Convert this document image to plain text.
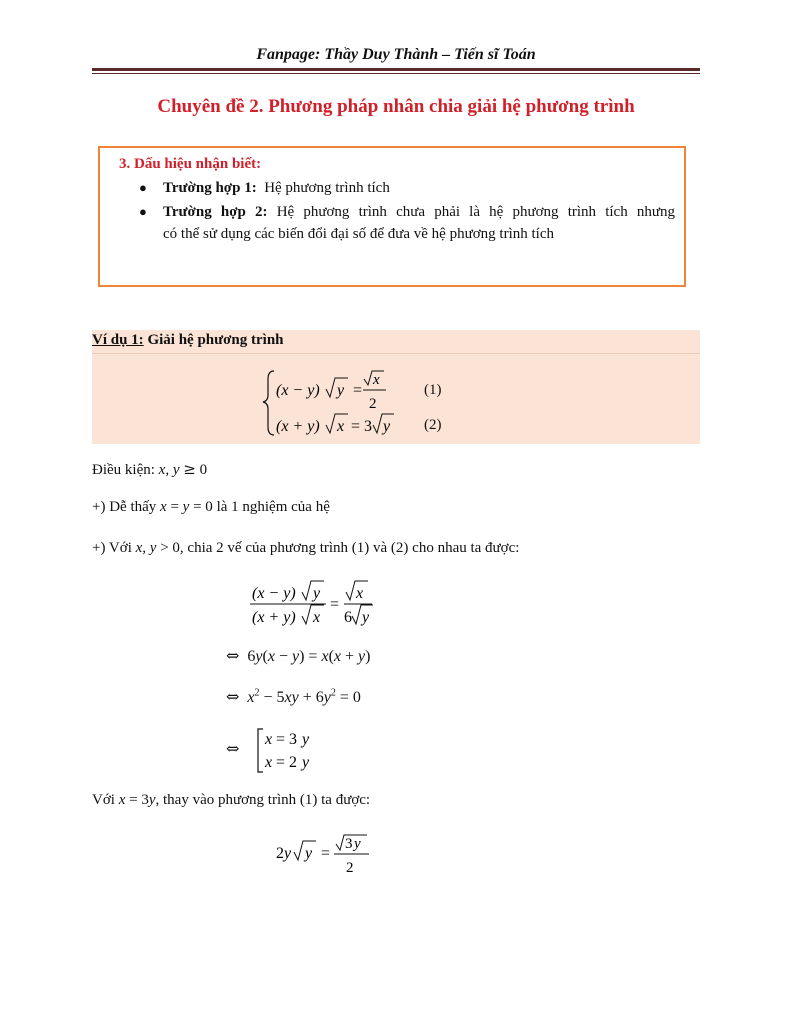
Fanpage: Thầy Duy Thành – Tiến sĩ Toán
Chuyên đề 2. Phương pháp nhân chia giải hệ phương trình
3. Dấu hiệu nhận biết:
● Trường hợp 1: Hệ phương trình tích
● Trường hợp 2: Hệ phương trình chưa phải là hệ phương trình tích nhưng
có thể sử dụng các biến đổi đại số để đưa về hệ phương trình tích
Ví dụ 1: Giải hệ phương trình
(x − y) y =
x
2
(x + y) x = 3 y
(1)
(2)
Điều kiện: x, y ≥ 0
+) Dễ thấy x = y = 0 là 1 nghiệm của hệ
+) Với x, y > 0, chia 2 vế của phương trình (1) và (2) cho nhau ta được:
(x − y) y
(x + y) x
=
x
6 y
⇔  6y(x − y) = x(x + y)
⇔ $x^2 - 5xy + 6y^2 = 0$
⇔ x = 3 y
x = 2 y
Với x = 3y, thay vào phương trình (1) ta được:
2 y y =
3 y
2
